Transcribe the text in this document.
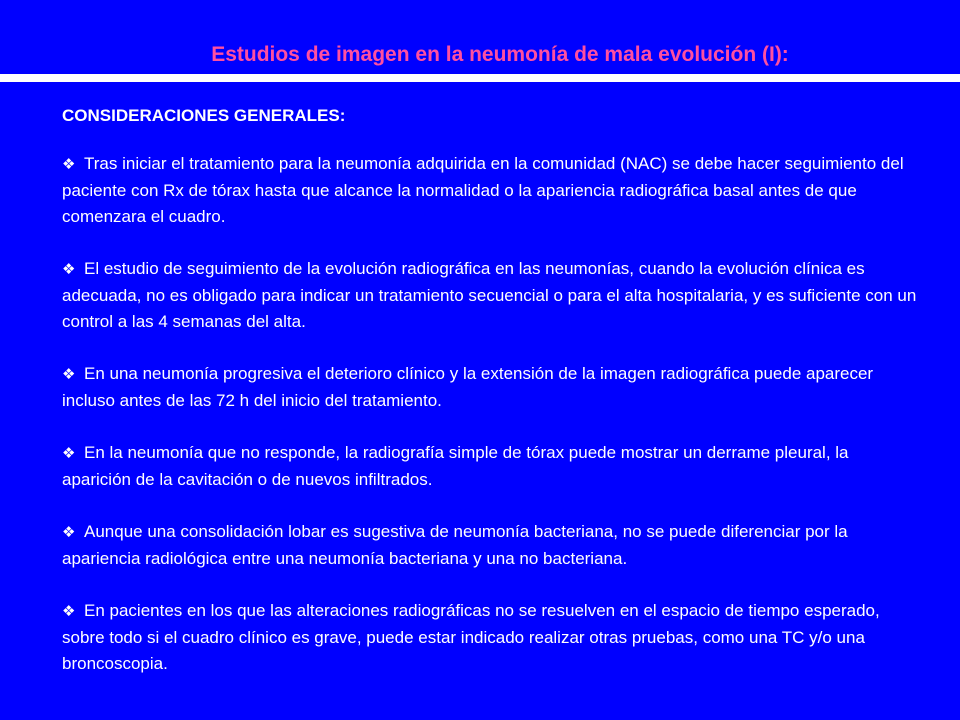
Estudios de imagen en la neumonía de mala evolución (I):
CONSIDERACIONES GENERALES:
❖ Tras iniciar el tratamiento para la neumonía adquirida en la comunidad (NAC) se debe hacer seguimiento del paciente con Rx de tórax hasta que alcance la normalidad o la apariencia radiográfica basal antes de que comenzara el cuadro.
❖ El estudio de seguimiento de la evolución radiográfica en las neumonías, cuando la evolución clínica es adecuada, no es obligado para indicar un tratamiento secuencial o para el alta hospitalaria, y es suficiente con un control a las 4 semanas del alta.
❖ En una neumonía progresiva el deterioro clínico y la extensión de la imagen radiográfica puede aparecer incluso antes de las 72 h del inicio del tratamiento.
❖ En la neumonía que no responde, la radiografía simple de tórax puede mostrar un derrame pleural, la aparición de la cavitación o de nuevos infiltrados.
❖ Aunque una consolidación lobar es sugestiva de neumonía bacteriana, no se puede diferenciar por la apariencia radiológica entre una neumonía bacteriana y una no bacteriana.
❖ En pacientes en los que las alteraciones radiográficas no se resuelven en el espacio de tiempo esperado, sobre todo si el cuadro clínico es grave, puede estar indicado realizar otras pruebas, como una TC y/o una broncoscopia.
